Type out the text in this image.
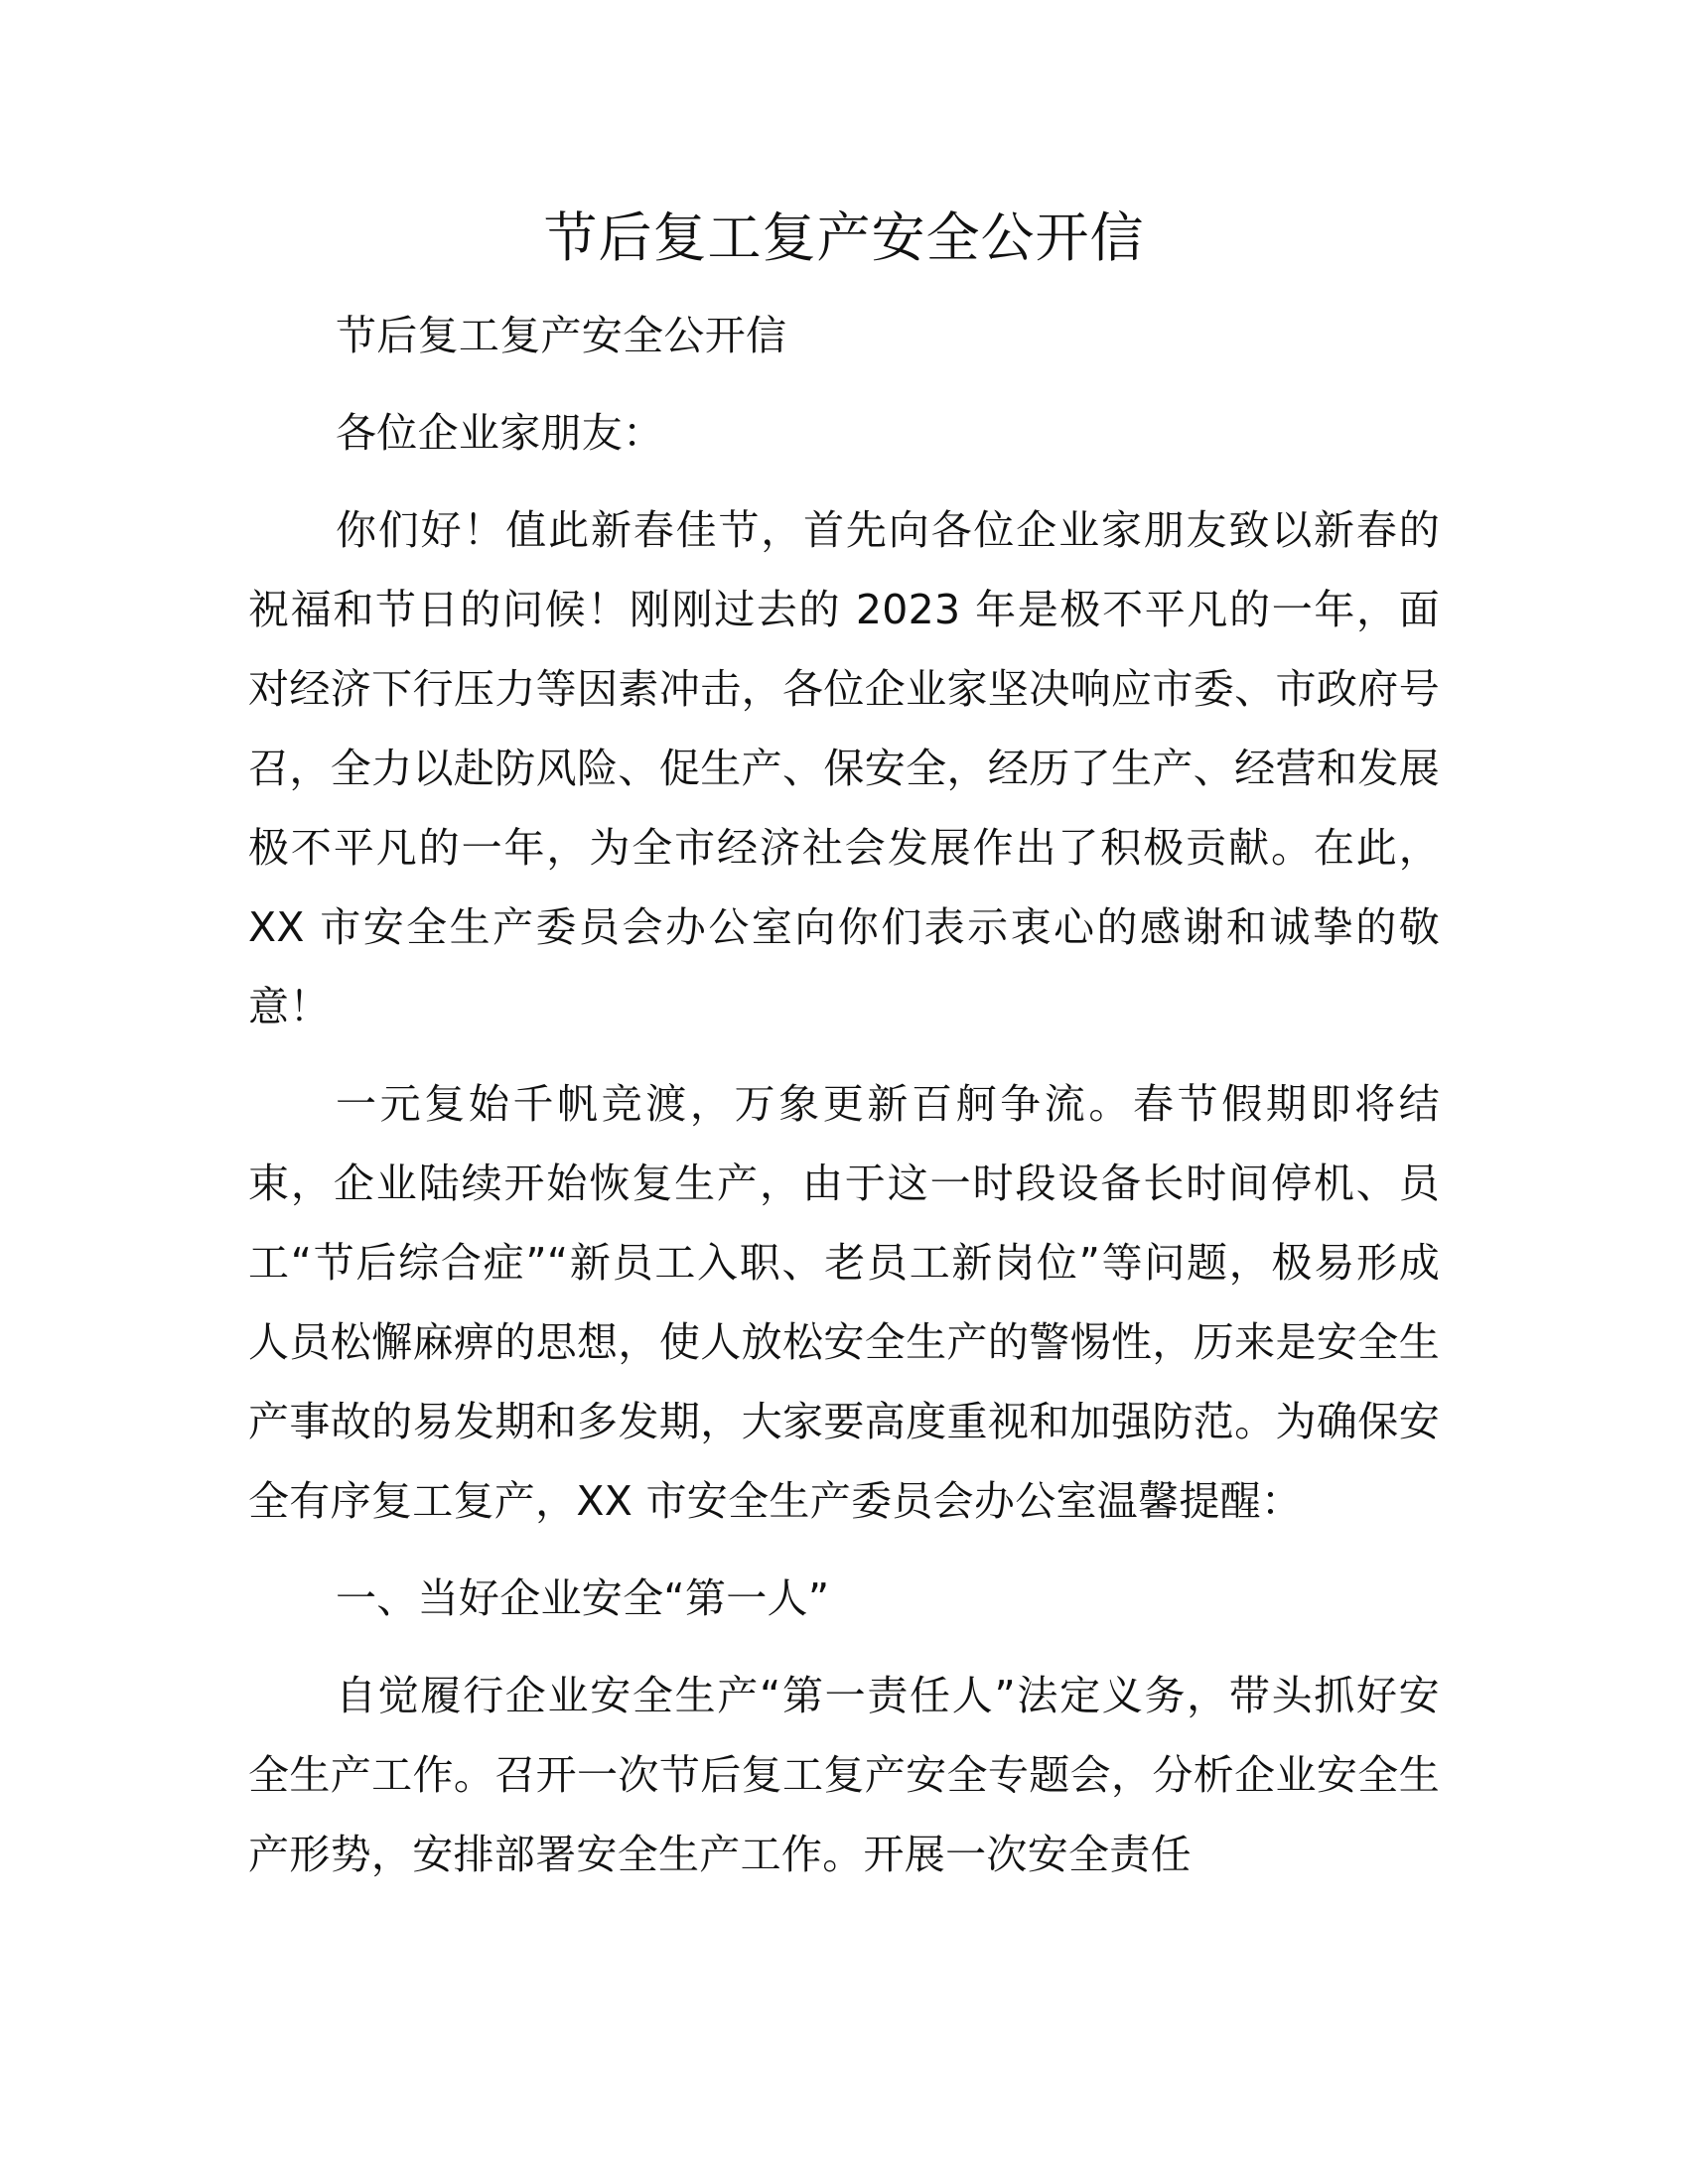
节后复工复产安全公开信

节后复工复产安全公开信

各位企业家朋友：

你们好！值此新春佳节，首先向各位企业家朋友致以新春的祝福和节日的问候！刚刚过去的 2023 年是极不平凡的一年，面对经济下行压力等因素冲击，各位企业家坚决响应市委、市政府号召，全力以赴防风险、促生产、保安全，经历了生产、经营和发展极不平凡的一年，为全市经济社会发展作出了积极贡献。在此，XX 市安全生产委员会办公室向你们表示衷心的感谢和诚挚的敬意！

一元复始千帆竞渡，万象更新百舸争流。春节假期即将结束，企业陆续开始恢复生产，由于这一时段设备长时间停机、员工“节后综合症”“新员工入职、老员工新岗位”等问题，极易形成人员松懈麻痹的思想，使人放松安全生产的警惕性，历来是安全生产事故的易发期和多发期，大家要高度重视和加强防范。为确保安全有序复工复产，XX 市安全生产委员会办公室温馨提醒：

一、当好企业安全“第一人”

自觉履行企业安全生产“第一责任人”法定义务，带头抓好安全生产工作。召开一次节后复工复产安全专题会，分析企业安全生产形势，安排部署安全生产工作。开展一次安全责任
